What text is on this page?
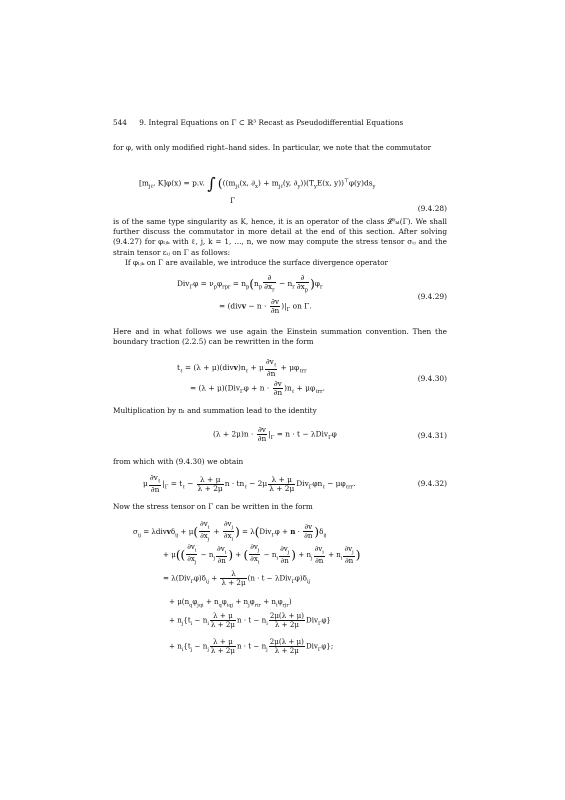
544 9. Integral Equations on Γ ⊂ ℝ³ Recast as Pseudodifferential Equations
for φ, with only modified right–hand sides. In particular, we note that the commutator
[$m_{j\ell}$, K]φ(x) = p.v. ∫ ((($m_{j\ell}(x$, $\partial_x) + m_{j\ell}(y$, $\partial_y))(T_yE(x$, $y))^⊤\varphi(y)ds_y$
Γ
(9.4.28)
is of the same type singularity as K, hence, it is an operator of the class 𝓛⁰ₖₗ(Γ). We shall further discuss the commutator in more detail at the end of this section. After solving (9.4.27) for φₗⱼₖ with ℓ, j, k = 1, …, n, we now may compute the stress tensor σᵢⱼ and the strain tensor εᵢⱼ on Γ as follows:
If φₗⱼₖ on Γ are available, we introduce the surface divergence operator
$Div_\Gamma\varphi = \nu_p\varphi_{rpr} = n_p(n_p \frac{\partial}{\partial x_r} - n_r \frac{\partial}{\partial x_p} )\varphi_r$
= (divv − $n \cdot \frac{\partial v}{\partial n} )|_\Gamma$ on Γ.
(9.4.29)
Here and in what follows we use again the Einstein summation convention. Then the boundary traction (2.2.5) can be rewritten in the form
$t_\ell = (\lambda$ + $\mu)(divv)n_\ell + \mu \frac{\partial v_\ell}{\partial n} + \mu\varphi_{\ell rr}$
= $(\lambda + \mu)(Div_\Gamma\varphi + n \cdot \frac{\partial v}{\partial n} )n_\ell + \mu\varphi_{\ell rr}$.
(9.4.30)
Multiplication by nₗ and summation lead to the identity
$(\lambda + 2\mu)n \cdot \frac{\partial v}{\partial n} |_\Gamma = n \cdot t - \lambda Div_\Gamma\varphi$	(9.4.31)
from which with (9.4.30) we obtain
μ $\frac{\partial v_\ell}{\partial n} |_\Gamma = t_\ell - \frac{\lambda + \mu}{\lambda + 2\mu}$ $n \cdot tn_\ell - 2\mu \frac{\lambda + \mu}{\lambda + 2\mu} Div_\Gamma\varphi n_\ell - \mu\varphi_{\ell rr}$.	(9.4.32)
Now the stress tensor on Γ can be written in the form
$\sigma_{ij}$ = λdivvδ$_{ij}$ + $\mu( \frac{\partial v_i}{\partial x_j} + \frac{\partial v_j}{\partial x_i}$ ) = $\lambda(Div_\Gamma\varphi + n \cdot \frac{\partial v}{\partial n} )\delta_{ij}$
+ $\mu(( \frac{\partial v_i}{\partial x_j} - n_j \frac{\partial v_i}{\partial n}$ ) + ( $\frac{\partial v_j}{\partial x_i} - n_i \frac{\partial v_j}{\partial n}$ ) + $n_j \frac{\partial v_i}{\partial n} + n_i \frac{\partial v_j}{\partial n}$ )
= $\lambda(Div_\Gamma\varphi)\delta_{ij} + \frac{\lambda}{\lambda + 2\mu} (n \cdot t - \lambda Div_\Gamma\varphi)\delta_{ij}$
+ $\mu(n_q\varphi_{jqi} + n_q\varphi_{iqj} + n_j\varphi_{rir} + n_i\varphi_{rjr})$
+ $n_j\{t_i - n_i \frac{\lambda + \mu}{\lambda + 2\mu}$ $n \cdot t - n_i \frac{2\mu(\lambda + \mu)}{\lambda + 2\mu} Div_\Gamma\varphi$}
+ $n_i\{t_j - n_j \frac{\lambda + \mu}{\lambda + 2\mu}$ $n \cdot t - n_j \frac{2\mu(\lambda + \mu)}{\lambda + 2\mu} Div_\Gamma\varphi$};
